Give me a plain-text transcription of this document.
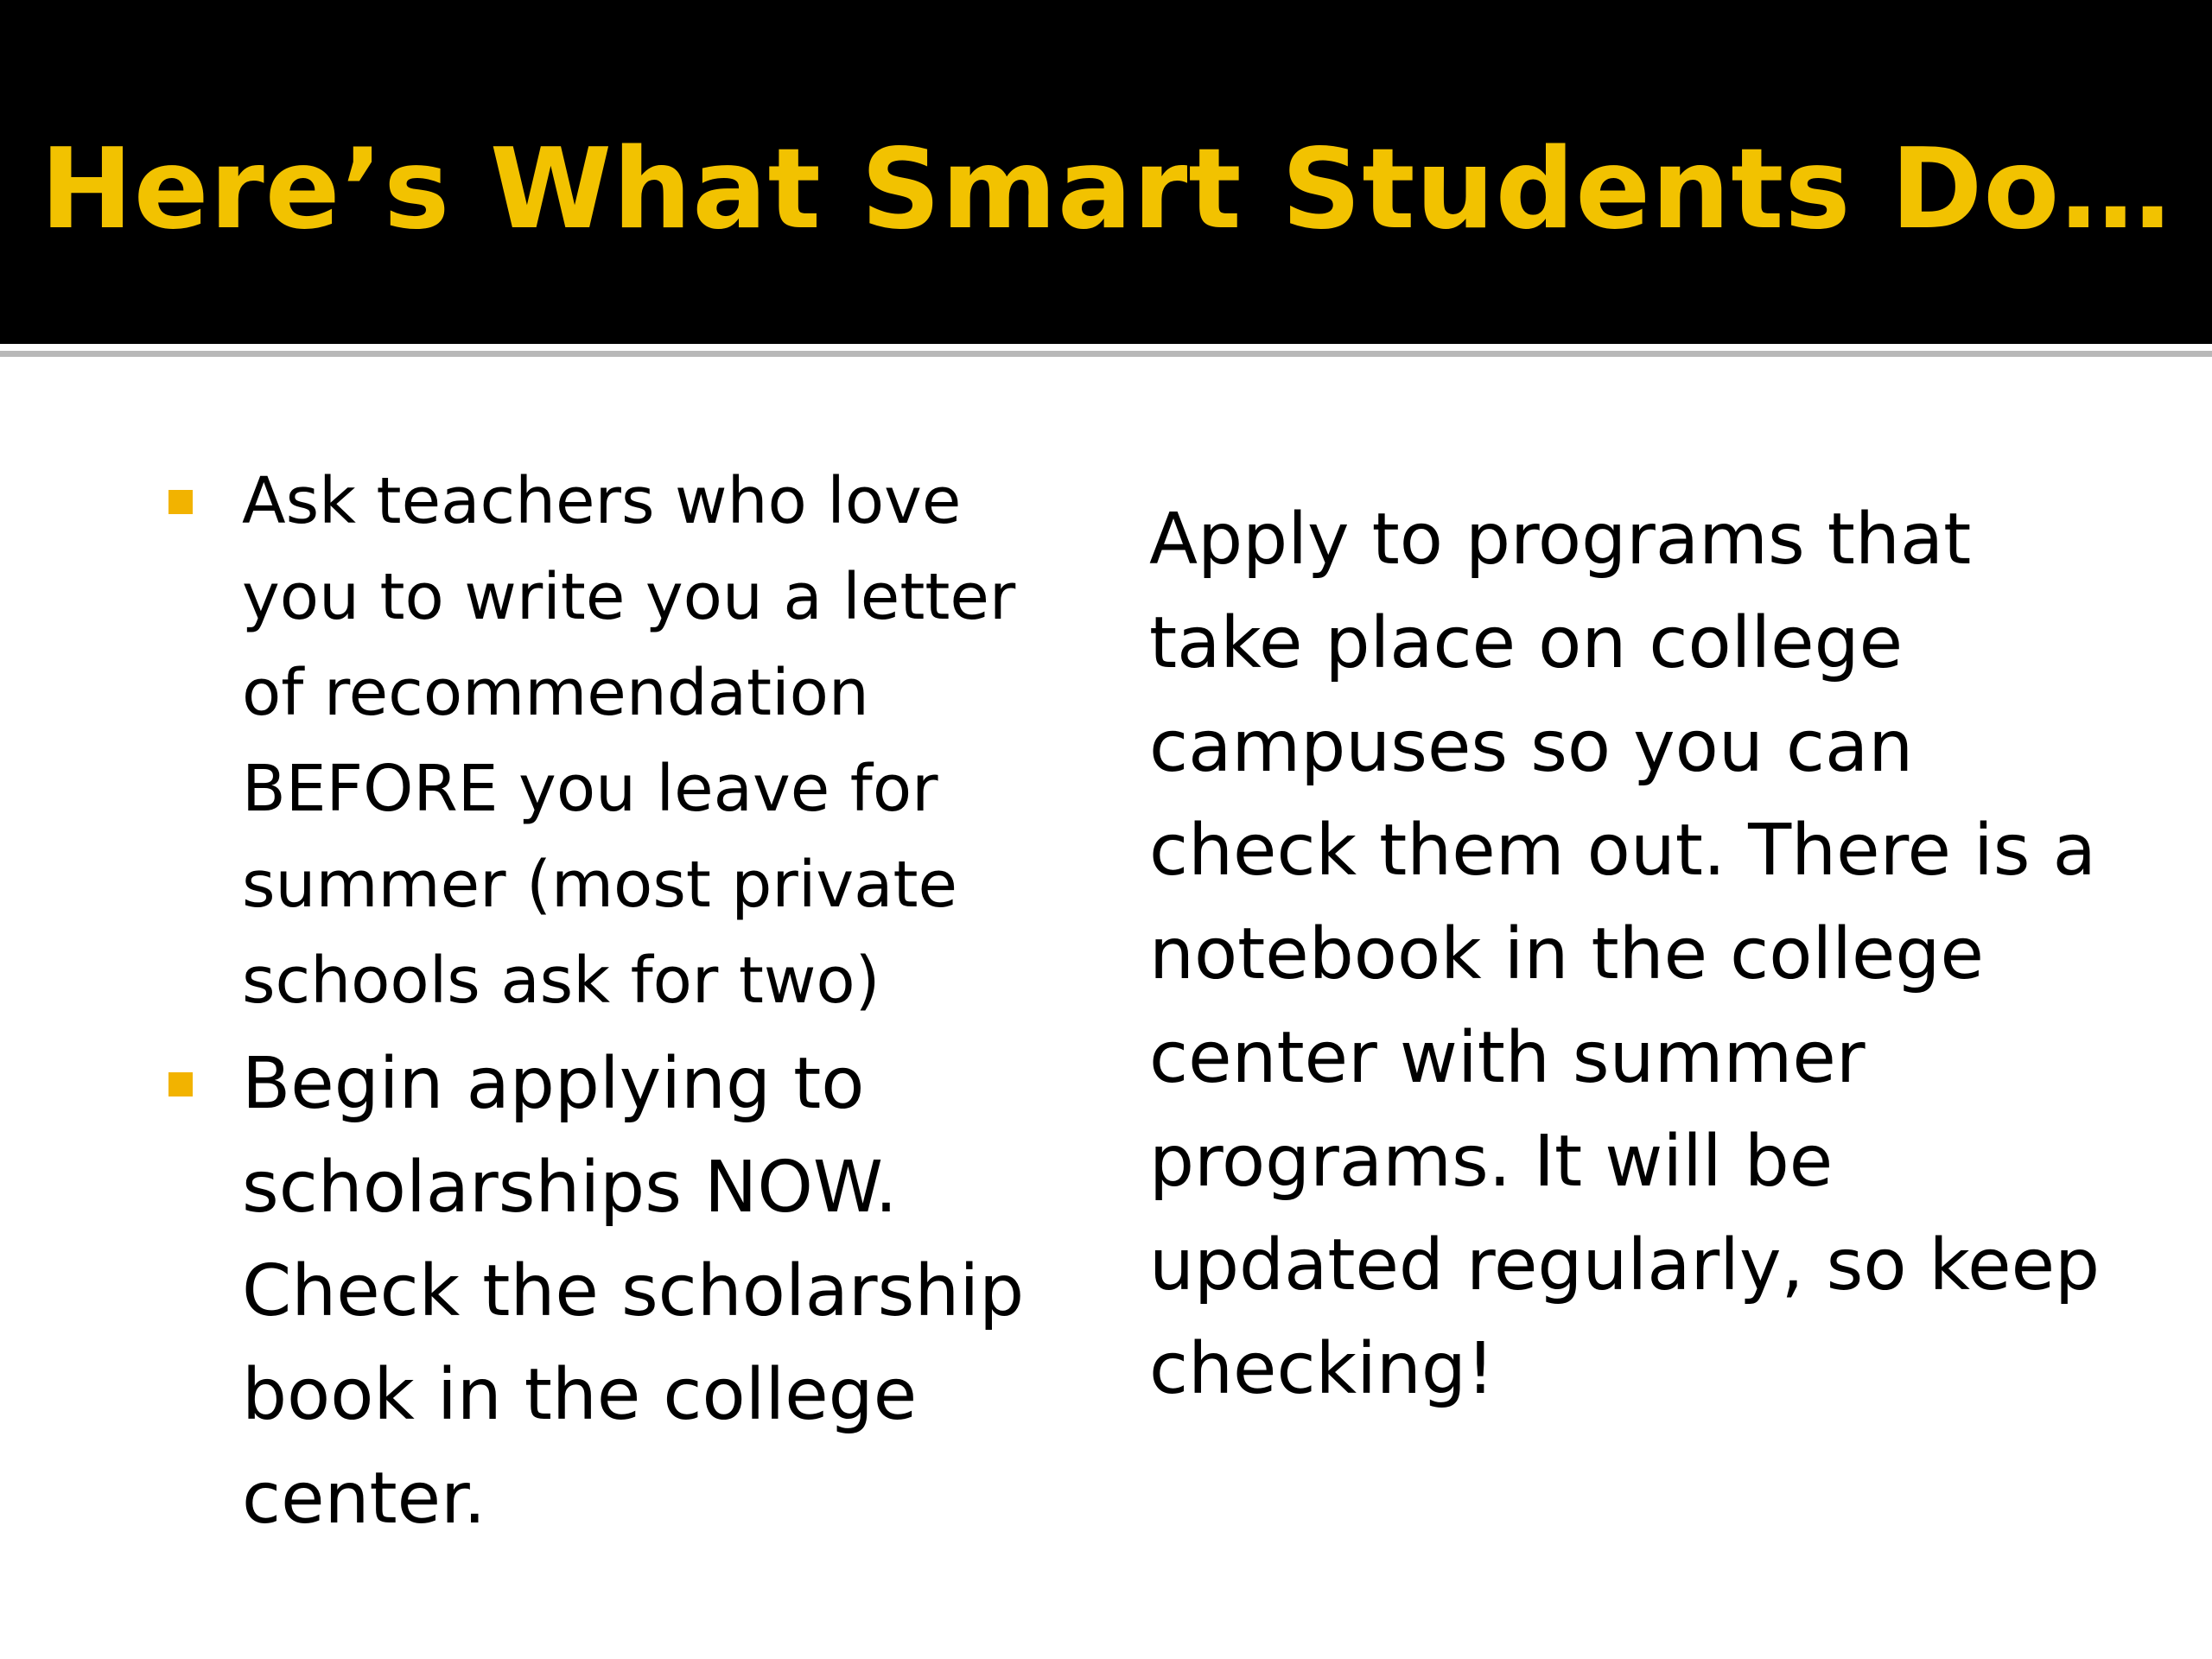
Here’s What Smart Students Do…
Ask teachers who love you to write you a letter of recommendation BEFORE you leave for summer (most private schools ask for two)
Begin applying to scholarships NOW. Check the scholarship book in the college center.
Apply to programs that take place on college campuses so you can check them out. There is a notebook in the college center with summer programs. It will be updated regularly, so keep checking!
